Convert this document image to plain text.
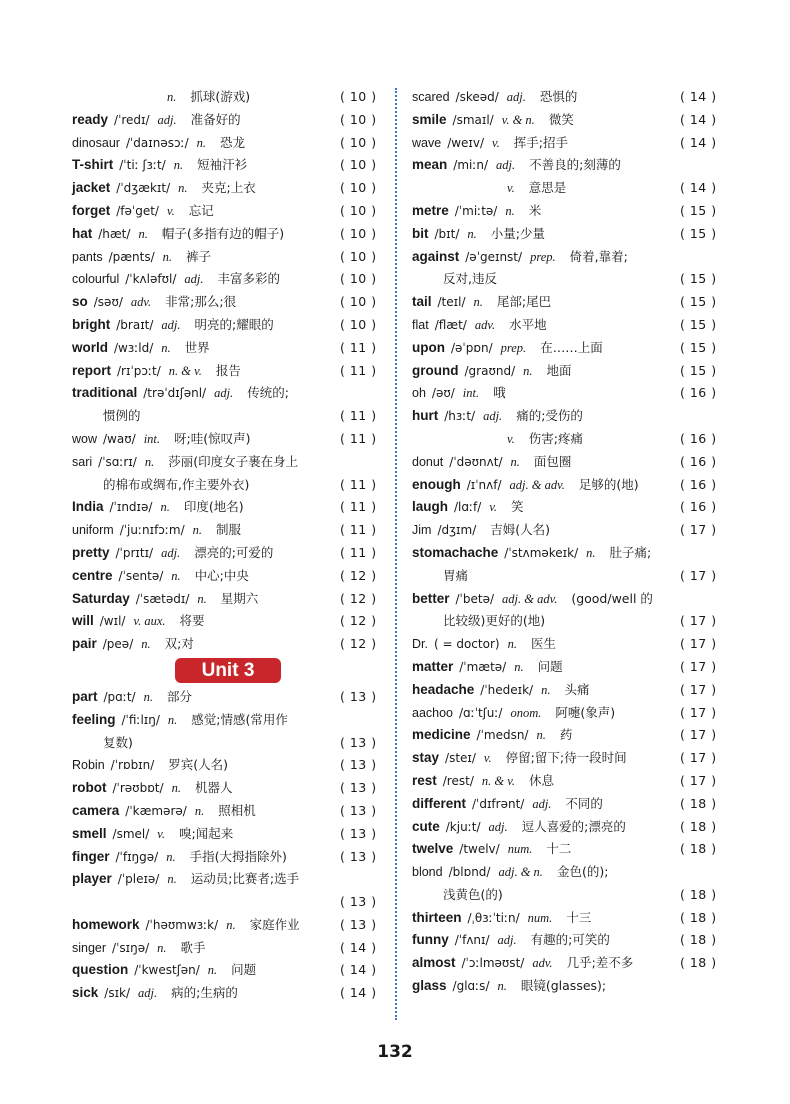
n. 抓球(游戏)	( 10 )
ready /ˈredɪ/ adj. 准备好的	( 10 )
dinosaur /ˈdaɪnəsɔː/ n. 恐龙	( 10 )
T-shirt /ˈtiː ʃɜːt/ n. 短袖汗衫	( 10 )
jacket /ˈdʒækɪt/ n. 夹克;上衣	( 10 )
forget /fəˈget/ v. 忘记	( 10 )
hat /hæt/ n. 帽子(多指有边的帽子)	( 10 )
pants /pænts/ n. 裤子	( 10 )
colourful /ˈkʌləfʊl/ adj. 丰富多彩的	( 10 )
so /səʊ/ adv. 非常;那么;很	( 10 )
bright /braɪt/ adj. 明亮的;耀眼的	( 10 )
world /wɜːld/ n. 世界	( 11 )
report /rɪˈpɔːt/ n. & v. 报告	( 11 )
traditional /trəˈdɪʃənl/ adj. 传统的;
惯例的	( 11 )
wow /waʊ/ int. 呀;哇(惊叹声)	( 11 )
sari /ˈsɑːrɪ/ n. 莎丽(印度女子裹在身上
的棉布或绸布,作主要外衣)	( 11 )
India /ˈɪndɪə/ n. 印度(地名)	( 11 )
uniform /ˈjuːnɪfɔːm/ n. 制服	( 11 )
pretty /ˈprɪtɪ/ adj. 漂亮的;可爱的	( 11 )
centre /ˈsentə/ n. 中心;中央	( 12 )
Saturday /ˈsætədɪ/ n. 星期六	( 12 )
will /wɪl/ v. aux. 将要	( 12 )
pair /peə/ n. 双;对	( 12 )
Unit 3
part /pɑːt/ n. 部分	( 13 )
feeling /ˈfiːlɪŋ/ n. 感觉;情感(常用作
复数)	( 13 )
Robin /ˈrɒbɪn/ 罗宾(人名)	( 13 )
robot /ˈrəʊbɒt/ n. 机器人	( 13 )
camera /ˈkæmərə/ n. 照相机	( 13 )
smell /smel/ v. 嗅;闻起来	( 13 )
finger /ˈfɪŋgə/ n. 手指(大拇指除外)	( 13 )
player /ˈpleɪə/ n. 运动员;比赛者;选手
( 13 )
homework /ˈhəʊmwɜːk/ n. 家庭作业	( 13 )
singer /ˈsɪŋə/ n. 歌手	( 14 )
question /ˈkwestʃən/ n. 问题	( 14 )
sick /sɪk/ adj. 病的;生病的	( 14 )
scared /skeəd/ adj. 恐惧的	( 14 )
smile /smaɪl/ v. & n. 微笑	( 14 )
wave /weɪv/ v. 挥手;招手	( 14 )
mean /miːn/ adj. 不善良的;刻薄的
v. 意思是	( 14 )
metre /ˈmiːtə/ n. 米	( 15 )
bit /bɪt/ n. 小量;少量	( 15 )
against /əˈgeɪnst/ prep. 倚着,靠着;
反对,违反	( 15 )
tail /teɪl/ n. 尾部;尾巴	( 15 )
flat /flæt/ adv. 水平地	( 15 )
upon /əˈpɒn/ prep. 在……上面	( 15 )
ground /graʊnd/ n. 地面	( 15 )
oh /əʊ/ int. 哦	( 16 )
hurt /hɜːt/ adj. 痛的;受伤的
v. 伤害;疼痛	( 16 )
donut /ˈdəʊnʌt/ n. 面包圈	( 16 )
enough /ɪˈnʌf/ adj. & adv. 足够的(地)	( 16 )
laugh /lɑːf/ v. 笑	( 16 )
Jim /dʒɪm/ 吉姆(人名)	( 17 )
stomachache /ˈstʌməkeɪk/ n. 肚子痛;
胃痛	( 17 )
better /ˈbetə/ adj. & adv. (good/well 的
比较级)更好的(地)	( 17 )
Dr. ( = doctor) n. 医生	( 17 )
matter /ˈmætə/ n. 问题	( 17 )
headache /ˈhedeɪk/ n. 头痛	( 17 )
aachoo /ɑːˈtʃuː/ onom. 阿嚏(象声)	( 17 )
medicine /ˈmedsn/ n. 药	( 17 )
stay /steɪ/ v. 停留;留下;待一段时间	( 17 )
rest /rest/ n. & v. 休息	( 17 )
different /ˈdɪfrənt/ adj. 不同的	( 18 )
cute /kjuːt/ adj. 逗人喜爱的;漂亮的	( 18 )
twelve /twelv/ num. 十二	( 18 )
blond /blɒnd/ adj. & n. 金色(的);
浅黄色(的)	( 18 )
thirteen /ˌθɜːˈtiːn/ num. 十三	( 18 )
funny /ˈfʌnɪ/ adj. 有趣的;可笑的	( 18 )
almost /ˈɔːlməʊst/ adv. 几乎;差不多	( 18 )
glass /glɑːs/ n. 眼镜(glasses);
132
